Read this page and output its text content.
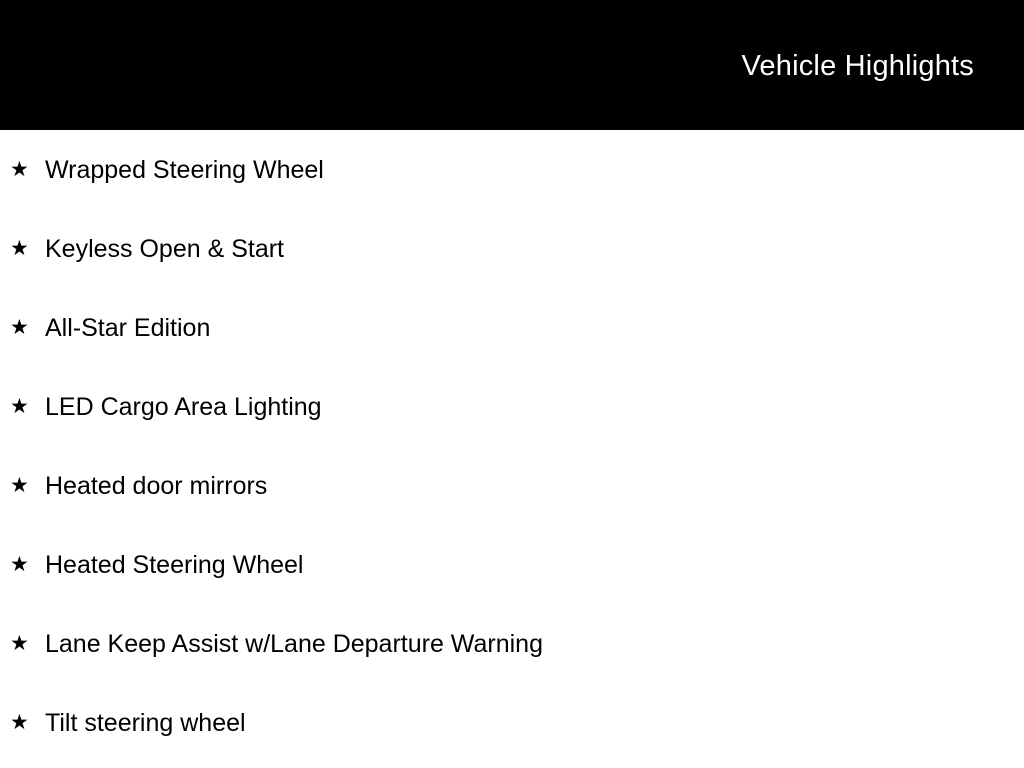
Vehicle Highlights
★ Wrapped Steering Wheel
★ Keyless Open & Start
★ All-Star Edition
★ LED Cargo Area Lighting
★ Heated door mirrors
★ Heated Steering Wheel
★ Lane Keep Assist w/Lane Departure Warning
★ Tilt steering wheel
